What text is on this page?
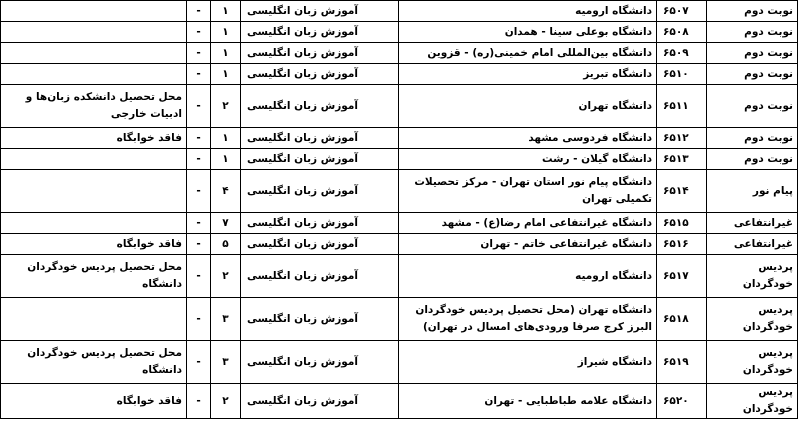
نوبت دوم	۶۵۰۷	دانشگاه ارومیه	آموزش زبان انگلیسی	۱	-	
نوبت دوم	۶۵۰۸	دانشگاه بوعلی سینا - همدان	آموزش زبان انگلیسی	۱	-	
نوبت دوم	۶۵۰۹	دانشگاه بین‌المللی امام خمینی(ره) - قزوین	آموزش زبان انگلیسی	۱	-	
نوبت دوم	۶۵۱۰	دانشگاه تبریز	آموزش زبان انگلیسی	۱	-	
نوبت دوم	۶۵۱۱	دانشگاه تهران	آموزش زبان انگلیسی	۲	-	محل تحصیل دانشکده زبان‌ها و ادبیات خارجی
نوبت دوم	۶۵۱۲	دانشگاه فردوسی مشهد	آموزش زبان انگلیسی	۱	-	فاقد خوابگاه
نوبت دوم	۶۵۱۳	دانشگاه گیلان - رشت	آموزش زبان انگلیسی	۱	-	
پیام نور	۶۵۱۴	دانشگاه پیام نور استان تهران - مرکز تحصیلات تکمیلی تهران	آموزش زبان انگلیسی	۴	-	
غیرانتفاعی	۶۵۱۵	دانشگاه غیرانتفاعی امام رضا(ع) - مشهد	آموزش زبان انگلیسی	۷	-	
غیرانتفاعی	۶۵۱۶	دانشگاه غیرانتفاعی خاتم - تهران	آموزش زبان انگلیسی	۵	-	فاقد خوابگاه
پردیس خودگردان	۶۵۱۷	دانشگاه ارومیه	آموزش زبان انگلیسی	۲	-	محل تحصیل پردیس خودگردان دانشگاه
پردیس خودگردان	۶۵۱۸	دانشگاه تهران (محل تحصیل پردیس خودگردان البرز کرج صرفا ورودی‌های امسال در تهران)	آموزش زبان انگلیسی	۳	-	
پردیس خودگردان	۶۵۱۹	دانشگاه شیراز	آموزش زبان انگلیسی	۳	-	محل تحصیل پردیس خودگردان دانشگاه
پردیس خودگردان	۶۵۲۰	دانشگاه علامه طباطبایی - تهران	آموزش زبان انگلیسی	۲	-	فاقد خوابگاه
